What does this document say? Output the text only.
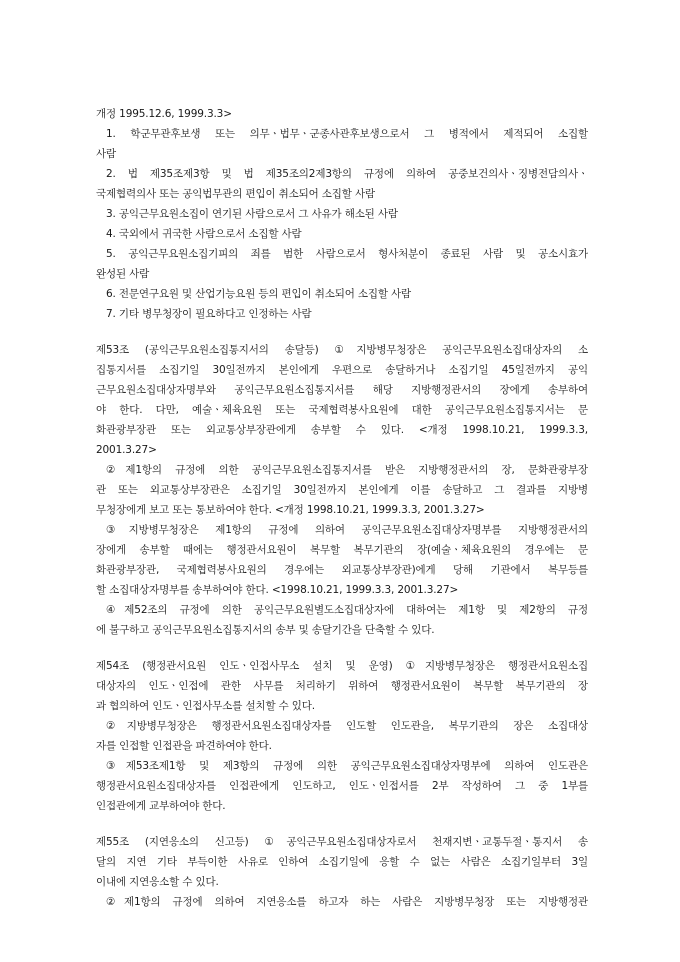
개정 1995.12.6, 1999.3.3>
1. 학군무관후보생 또는 의무ㆍ법무ㆍ군종사관후보생으로서 그 병적에서 제적되어 소집할
사람
2. 법 제35조제3항 및 법 제35조의2제3항의 규정에 의하여 공중보건의사ㆍ징병전담의사ㆍ
국제협력의사 또는 공익법무관의 편입이 취소되어 소집할 사람
3. 공익근무요원소집이 연기된 사람으로서 그 사유가 해소된 사람
4. 국외에서 귀국한 사람으로서 소집할 사람
5. 공익근무요원소집기피의 죄를 범한 사람으로서 형사처분이 종료된 사람 및 공소시효가
완성된 사람
6. 전문연구요원 및 산업기능요원 등의 편입이 취소되어 소집할 사람
7. 기타 병무청장이 필요하다고 인정하는 사람
제53조 (공익근무요원소집통지서의 송달등) ①지방병무청장은 공익근무요원소집대상자의 소
집통지서를 소집기일 30일전까지 본인에게 우편으로 송달하거나 소집기일 45일전까지 공익
근무요원소집대상자명부와 공익근무요원소집통지서를 해당 지방행정관서의 장에게 송부하여
야 한다. 다만, 예술ㆍ체육요원 또는 국제협력봉사요원에 대한 공익근무요원소집통지서는 문
화관광부장관 또는 외교통상부장관에게 송부할 수 있다. <개정 1998.10.21, 1999.3.3,
2001.3.27>
②제1항의 규정에 의한 공익근무요원소집통지서를 받은 지방행정관서의 장, 문화관광부장
관 또는 외교통상부장관은 소집기일 30일전까지 본인에게 이를 송달하고 그 결과를 지방병
무청장에게 보고 또는 통보하여야 한다. <개정 1998.10.21, 1999.3.3, 2001.3.27>
③지방병무청장은 제1항의 규정에 의하여 공익근무요원소집대상자명부를 지방행정관서의
장에게 송부할 때에는 행정관서요원이 복무할 복무기관의 장(예술ㆍ체육요원의 경우에는 문
화관광부장관, 국제협력봉사요원의 경우에는 외교통상부장관)에게 당해 기관에서 복무등를
할 소집대상자명부를 송부하여야 한다. <1998.10.21, 1999.3.3, 2001.3.27>
④제52조의 규정에 의한 공익근무요원별도소집대상자에 대하여는 제1항 및 제2항의 규정
에 불구하고 공익근무요원소집통지서의 송부 및 송달기간을 단축할 수 있다.
제54조 (행정관서요원 인도ㆍ인접사무소 설치 및 운영) ①지방병무청장은 행정관서요원소집
대상자의 인도ㆍ인접에 관한 사무를 처리하기 위하여 행정관서요원이 복무할 복무기관의 장
과 협의하여 인도ㆍ인접사무소를 설치할 수 있다.
②지방병무청장은 행정관서요원소집대상자를 인도할 인도관을, 복무기관의 장은 소집대상
자를 인접할 인접관을 파견하여야 한다.
③제53조제1항 및 제3항의 규정에 의한 공익근무요원소집대상자명부에 의하여 인도관은
행정관서요원소집대상자를 인접관에게 인도하고, 인도ㆍ인접서를 2부 작성하여 그 중 1부를
인접관에게 교부하여야 한다.
제55조 (지연응소의 신고등) ①공익근무요원소집대상자로서 천재지변ㆍ교통두절ㆍ통지서 송
달의 지연 기타 부득이한 사유로 인하여 소집기일에 응할 수 없는 사람은 소집기일부터 3일
이내에 지연응소할 수 있다.
②제1항의 규정에 의하여 지연응소를 하고자 하는 사람은 지방병무청장 또는 지방행정관
